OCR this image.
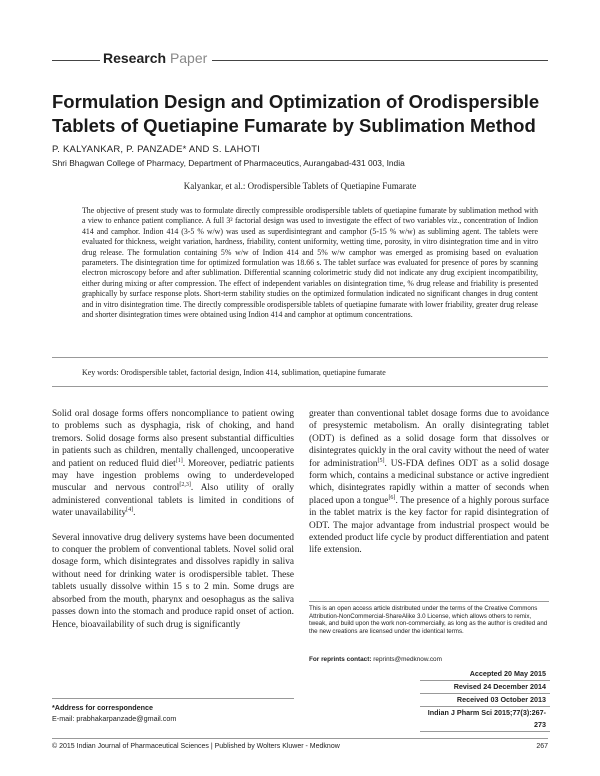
Research Paper
Formulation Design and Optimization of Orodispersible Tablets of Quetiapine Fumarate by Sublimation Method
P. KALYANKAR, P. PANZADE* AND S. LAHOTI
Shri Bhagwan College of Pharmacy, Department of Pharmaceutics, Aurangabad-431 003, India
Kalyankar, et al.: Orodispersible Tablets of Quetiapine Fumarate
The objective of present study was to formulate directly compressible orodispersible tablets of quetiapine fumarate by sublimation method with a view to enhance patient compliance. A full 3² factorial design was used to investigate the effect of two variables viz., concentration of Indion 414 and camphor. Indion 414 (3-5 % w/w) was used as superdisintegrant and camphor (5-15 % w/w) as subliming agent. The tablets were evaluated for thickness, weight variation, hardness, friability, content uniformity, wetting time, porosity, in vitro disintegration time and in vitro drug release. The formulation containing 5% w/w of Indion 414 and 5% w/w camphor was emerged as promising based on evaluation parameters. The disintegration time for optimized formulation was 18.66 s. The tablet surface was evaluated for presence of pores by scanning electron microscopy before and after sublimation. Differential scanning colorimetric study did not indicate any drug excipient incompatibility, either during mixing or after compression. The effect of independent variables on disintegration time, % drug release and friability is presented graphically by surface response plots. Short-term stability studies on the optimized formulation indicated no significant changes in drug content and in vitro disintegration time. The directly compressible orodispersible tablets of quetiapine fumarate with lower friability, greater drug release and shorter disintegration times were obtained using Indion 414 and camphor at optimum concentrations.
Key words: Orodispersible tablet, factorial design, Indion 414, sublimation, quetiapine fumarate

Solid oral dosage forms offers noncompliance to patient owing to problems such as dysphagia, risk of choking, and hand tremors. Solid dosage forms also present substantial difficulties in patients such as children, mentally challenged, uncooperative and patient on reduced fluid diet[1]. Moreover, pediatric patients may have ingestion problems owing to underdeveloped muscular and nervous control[2,3]. Also utility of orally administered conventional tablets is limited in conditions of water unavailability[4].

Several innovative drug delivery systems have been documented to conquer the problem of conventional tablets. Novel solid oral dosage form, which disintegrates and dissolves rapidly in saliva without need for drinking water is orodispersible tablet. These tablets usually dissolve within 15 s to 2 min. Some drugs are absorbed from the mouth, pharynx and oesophagus as the saliva passes down into the stomach and produce rapid onset of action. Hence, bioavailability of such drug is significantly

greater than conventional tablet dosage forms due to avoidance of presystemic metabolism. An orally disintegrating tablet (ODT) is defined as a solid dosage form that dissolves or disintegrates quickly in the oral cavity without the need of water for administration[5]. US-FDA defines ODT as a solid dosage form which, contains a medicinal substance or active ingredient which, disintegrates rapidly within a matter of seconds when placed upon a tongue[6]. The presence of a highly porous surface in the tablet matrix is the key factor for rapid disintegration of ODT. The major advantage from industrial prospect would be extended product life cycle by product differentiation and patent life extension.

This is an open access article distributed under the terms of the Creative Commons Attribution-NonCommercial-ShareAlike 3.0 License, which allows others to remix, tweak, and build upon the work non-commercially, as long as the author is credited and the new creations are licensed under the identical terms.
For reprints contact: reprints@medknow.com
Accepted 20 May 2015
Revised 24 December 2014
Received 03 October 2013
Indian J Pharm Sci 2015;77(3):267-273
*Address for correspondence
E-mail: prabhakarpanzade@gmail.com
© 2015 Indian Journal of Pharmaceutical Sciences | Published by Wolters Kluwer - Medknow	267
